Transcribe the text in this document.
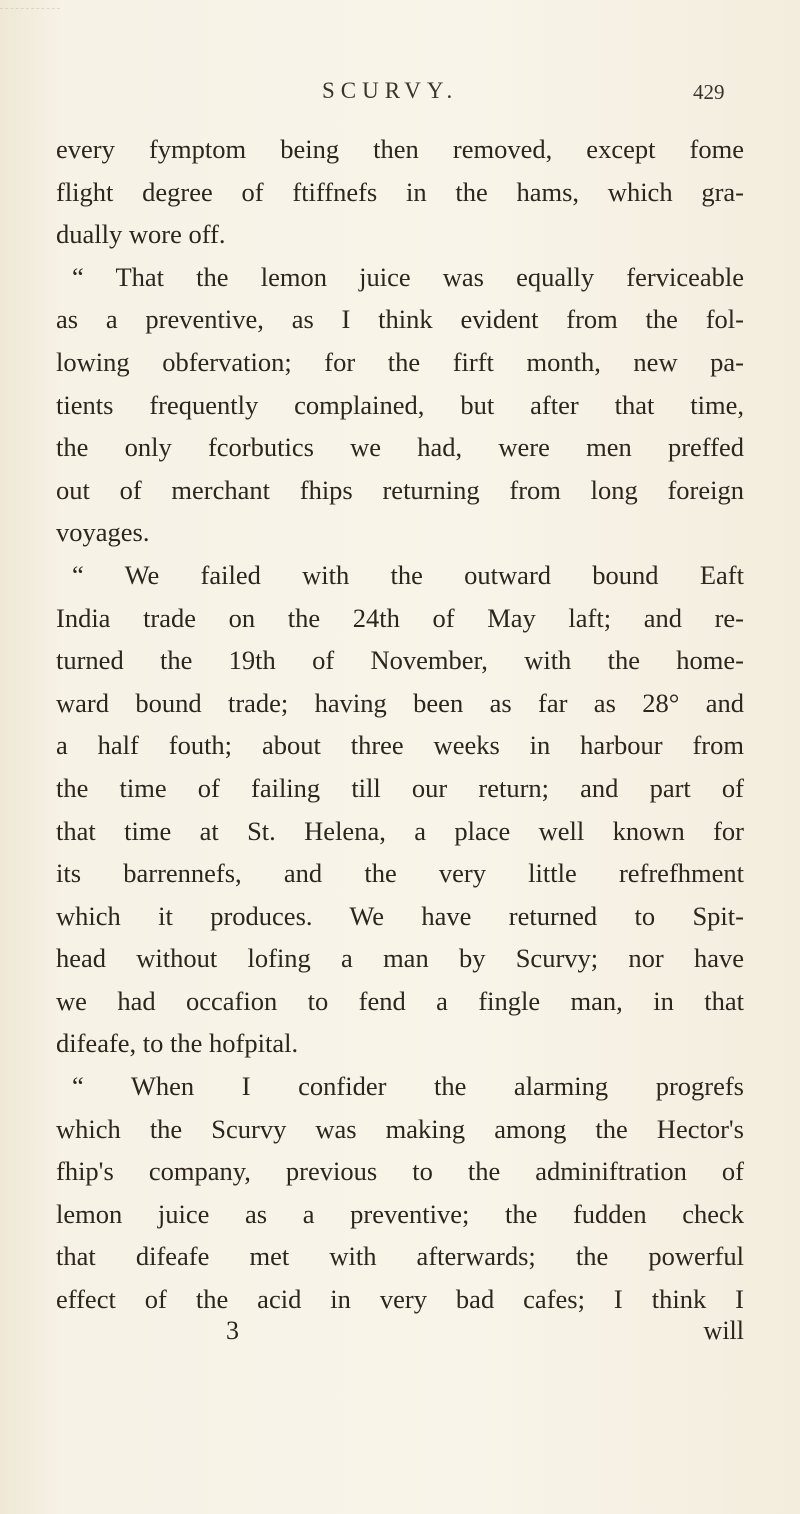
SCURVY.	429
every fymptom being then removed, except fome
flight degree of ftiffnefs in the hams, which gra-
dually wore off.
“ That the lemon juice was equally ferviceable
as a preventive, as I think evident from the fol-
lowing obfervation; for the firft month, new pa-
tients frequently complained, but after that time,
the only fcorbutics we had, were men preffed
out of merchant fhips returning from long foreign
voyages.
“ We failed with the outward bound Eaft
India trade on the 24th of May laft; and re-
turned the 19th of November, with the home-
ward bound trade; having been as far as 28° and
a half fouth; about three weeks in harbour from
the time of failing till our return; and part of
that time at St. Helena, a place well known for
its barrennefs, and the very little refrefhment
which it produces. We have returned to Spit-
head without lofing a man by Scurvy; nor have
we had occafion to fend a fingle man, in that
difeafe, to the hofpital.
“ When I confider the alarming progrefs
which the Scurvy was making among the Hector's
fhip's company, previous to the adminiftration of
lemon juice as a preventive; the fudden check
that difeafe met with afterwards; the powerful
effect of the acid in very bad cafes; I think I
3	will
